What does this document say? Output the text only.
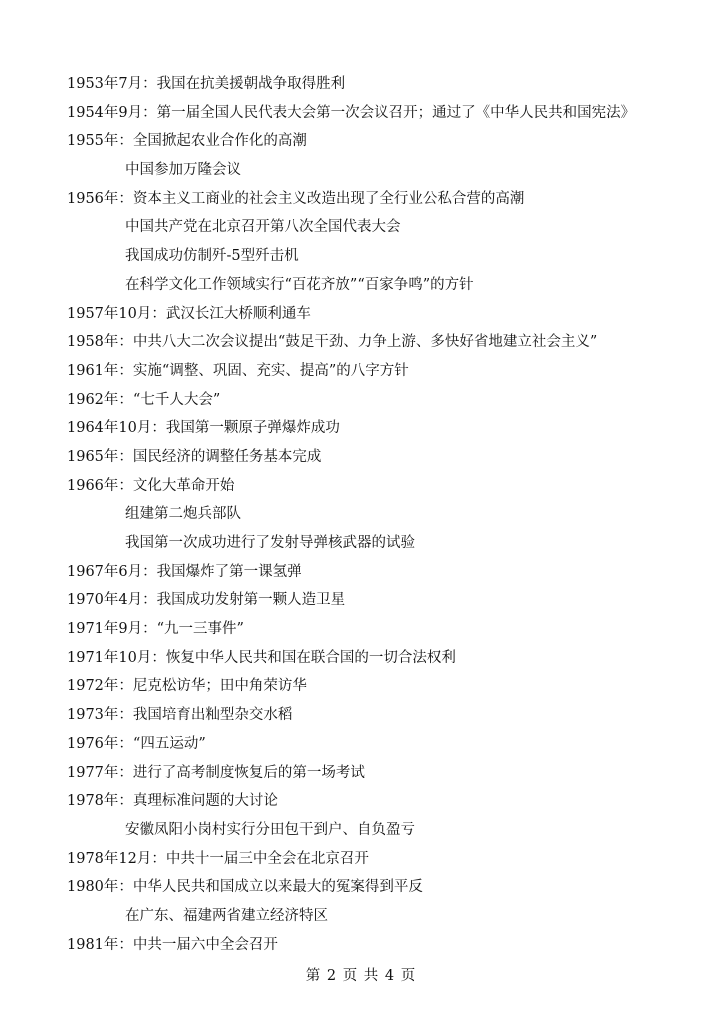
1953年7月：我国在抗美援朝战争取得胜利
1954年9月：第一届全国人民代表大会第一次会议召开；通过了《中华人民共和国宪法》
1955年：全国掀起农业合作化的高潮
中国参加万隆会议
1956年：资本主义工商业的社会主义改造出现了全行业公私合营的高潮
中国共产党在北京召开第八次全国代表大会
我国成功仿制歼-5型歼击机
在科学文化工作领域实行“百花齐放”“百家争鸣”的方针
1957年10月：武汉长江大桥顺利通车
1958年：中共八大二次会议提出“鼓足干劲、力争上游、多快好省地建立社会主义”
1961年：实施“调整、巩固、充实、提高”的八字方针
1962年：“七千人大会”
1964年10月：我国第一颗原子弹爆炸成功
1965年：国民经济的调整任务基本完成
1966年：文化大革命开始
组建第二炮兵部队
我国第一次成功进行了发射导弹核武器的试验
1967年6月：我国爆炸了第一课氢弹
1970年4月：我国成功发射第一颗人造卫星
1971年9月：“九一三事件”
1971年10月：恢复中华人民共和国在联合国的一切合法权利
1972年：尼克松访华；田中角荣访华
1973年：我国培育出籼型杂交水稻
1976年：“四五运动”
1977年：进行了高考制度恢复后的第一场考试
1978年：真理标准问题的大讨论
安徽凤阳小岗村实行分田包干到户、自负盈亏
1978年12月：中共十一届三中全会在北京召开
1980年：中华人民共和国成立以来最大的冤案得到平反
在广东、福建两省建立经济特区
1981年：中共一届六中全会召开
第 2 页 共 4 页
